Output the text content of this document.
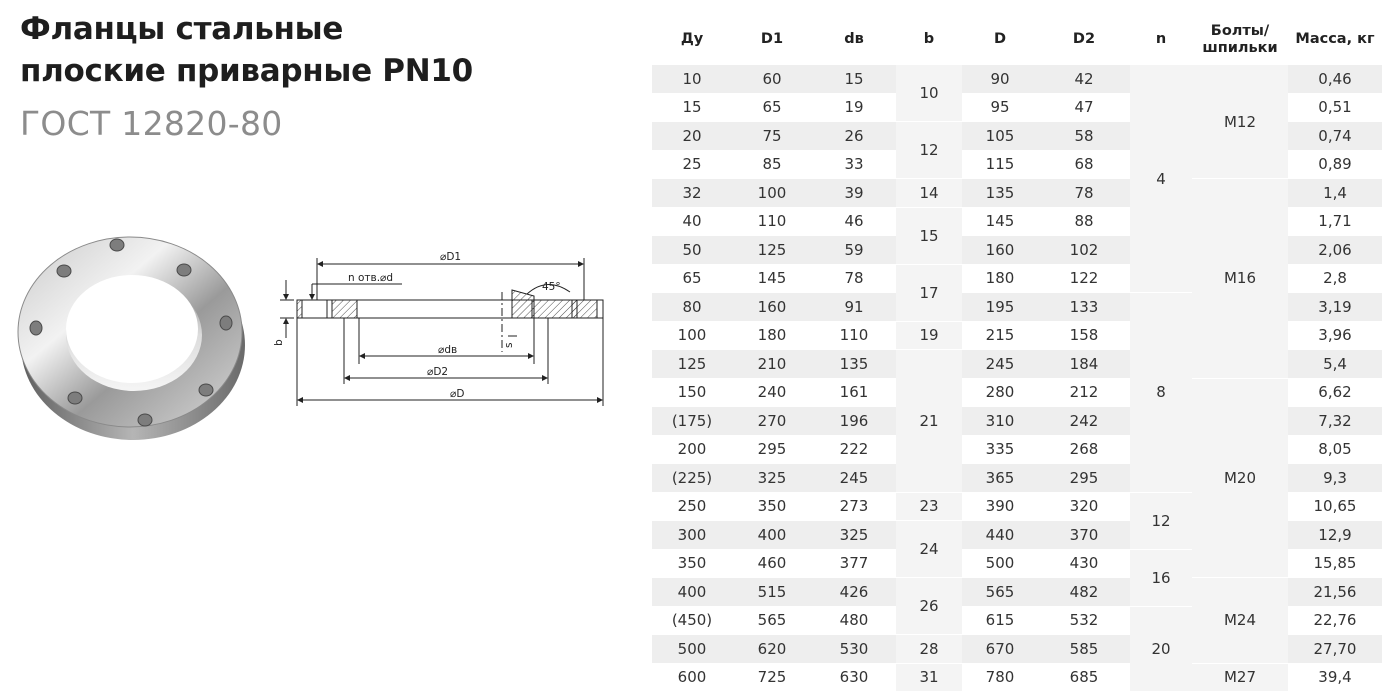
Фланцы стальные
плоские приварные PN10
ГОСТ 12820-80
⌀D1
n отв.⌀d
45°
b
⌀dв	s
⌀D2
⌀D
Ду	D1	dв	b	D	D2	n	Болты/
шпильки	Масса, кг
10	60	15	10	90	42	4	М12	0,46
15	65	19		95	47			0,51
20	75	26	12	105	58			0,74
25	85	33		115	68			0,89
32	100	39	14	135	78		М16	1,4
40	110	46	15	145	88			1,71
50	125	59		160	102			2,06
65	145	78	17	180	122			2,8
80	160	91		195	133	8		3,19
100	180	110	19	215	158			3,96
125	210	135	21	245	184			5,4
150	240	161		280	212		М20	6,62
(175)	270	196		310	242			7,32
200	295	222		335	268			8,05
(225)	325	245		365	295			9,3
250	350	273	23	390	320	12		10,65
300	400	325	24	440	370			12,9
350	460	377		500	430	16		15,85
400	515	426	26	565	482		М24	21,56
(450)	565	480		615	532	20		22,76
500	620	530	28	670	585			27,70
600	725	630	31	780	685		М27	39,4
